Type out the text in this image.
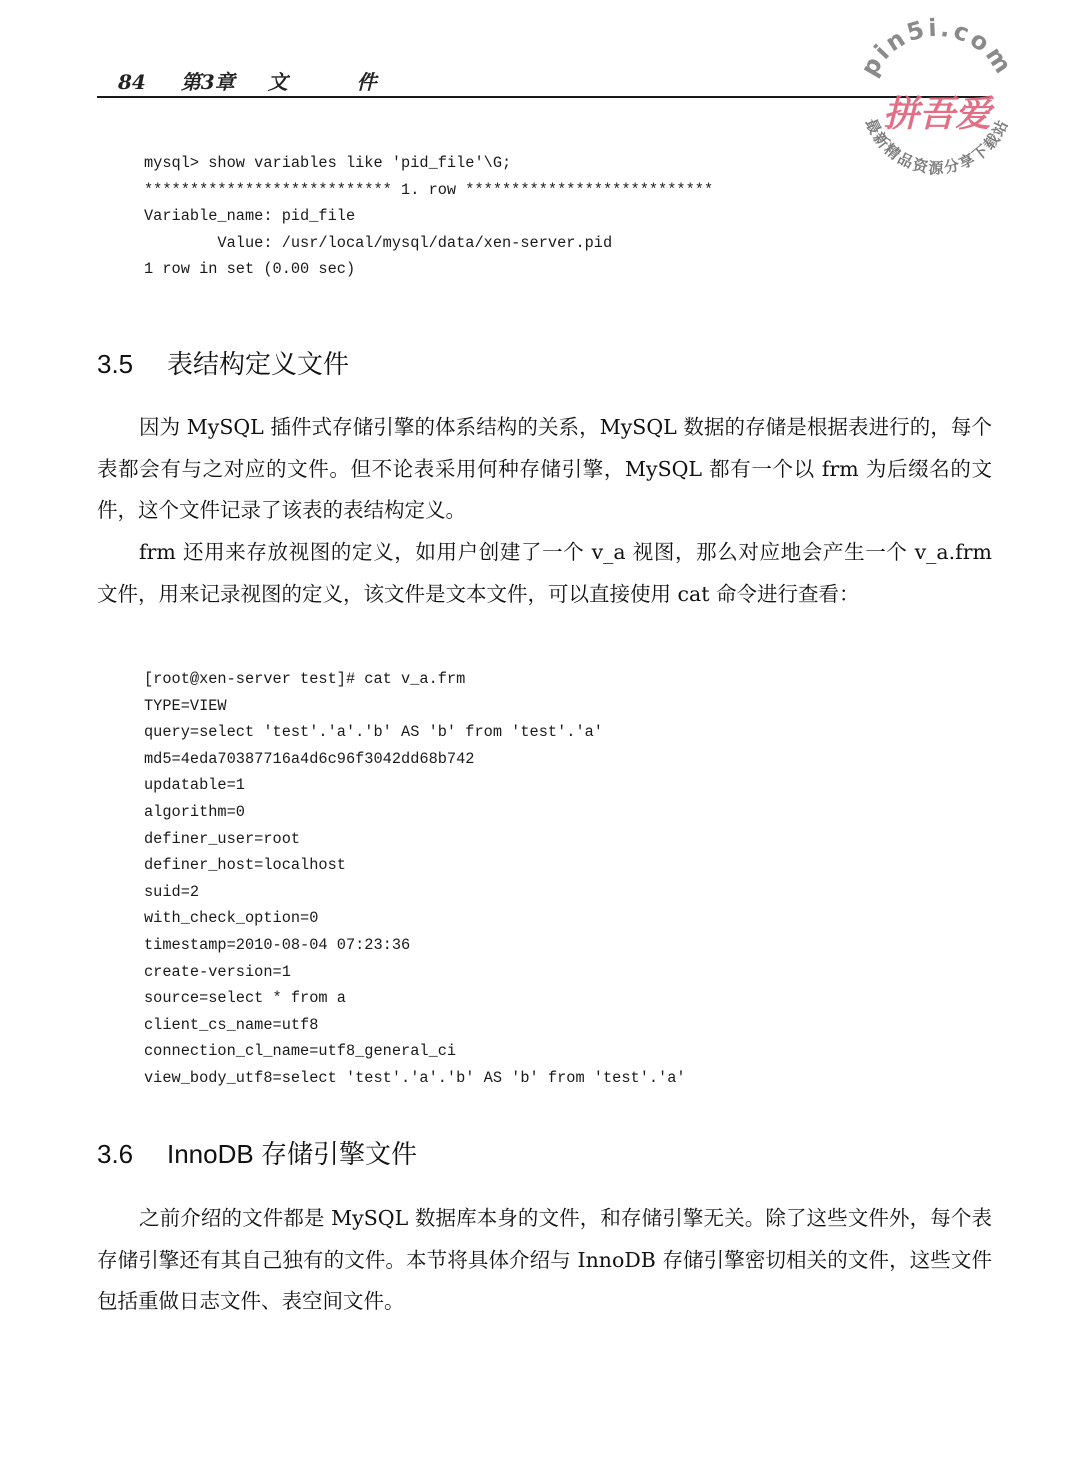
84 第3章 文	件
pin5i.com
最新精品资源分享下载站
拼吾爱
mysql> show variables like 'pid_file'\G;
*************************** 1. row ***************************
Variable_name: pid_file
Value: /usr/local/mysql/data/xen-server.pid
1 row in set (0.00 sec)
3.5 表结构定义文件

因为 MySQL 插件式存储引擎的体系结构的关系，MySQL 数据的存储是根据表进行的，每个表都会有与之对应的文件。但不论表采用何种存储引擎，MySQL 都有一个以 frm 为后缀名的文件，这个文件记录了该表的表结构定义。

frm 还用来存放视图的定义，如用户创建了一个 v_a 视图，那么对应地会产生一个 v_a.frm 文件，用来记录视图的定义，该文件是文本文件，可以直接使用 cat 命令进行查看：

[root@xen-server test]# cat v_a.frm
TYPE=VIEW
query=select 'test'.'a'.'b' AS 'b' from 'test'.'a'
md5=4eda70387716a4d6c96f3042dd68b742
updatable=1
algorithm=0
definer_user=root
definer_host=localhost
suid=2
with_check_option=0
timestamp=2010-08-04 07:23:36
create-version=1
source=select * from a
client_cs_name=utf8
connection_cl_name=utf8_general_ci
view_body_utf8=select 'test'.'a'.'b' AS 'b' from 'test'.'a'
3.6 InnoDB 存储引擎文件

之前介绍的文件都是 MySQL 数据库本身的文件，和存储引擎无关。除了这些文件外，每个表存储引擎还有其自己独有的文件。本节将具体介绍与 InnoDB 存储引擎密切相关的文件，这些文件包括重做日志文件、表空间文件。
